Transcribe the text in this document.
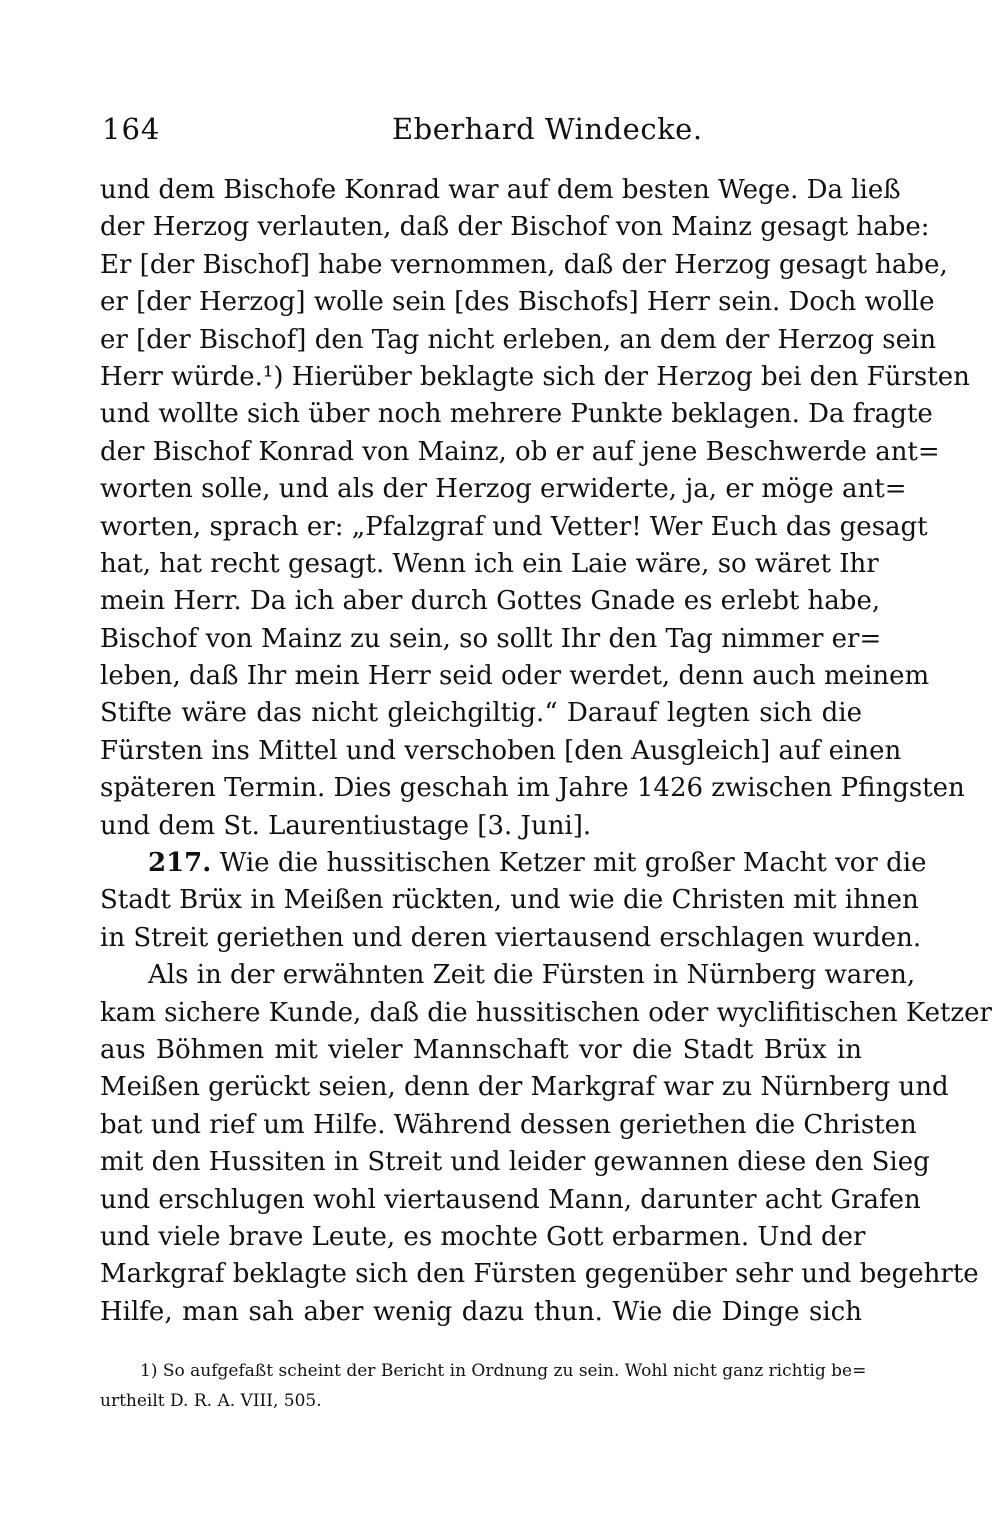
164	Eberhard Windecke.
und dem Bischofe Konrad war auf dem besten Wege. Da ließ
der Herzog verlauten, daß der Bischof von Mainz gesagt habe:
Er [der Bischof] habe vernommen, daß der Herzog gesagt habe,
er [der Herzog] wolle sein [des Bischofs] Herr sein. Doch wolle
er [der Bischof] den Tag nicht erleben, an dem der Herzog sein
Herr würde.¹) Hierüber beklagte sich der Herzog bei den Fürsten
und wollte sich über noch mehrere Punkte beklagen. Da fragte
der Bischof Konrad von Mainz, ob er auf jene Beschwerde ant=
worten solle, und als der Herzog erwiderte, ja, er möge ant=
worten, sprach er: „Pfalzgraf und Vetter! Wer Euch das gesagt
hat, hat recht gesagt. Wenn ich ein Laie wäre, so wäret Ihr
mein Herr. Da ich aber durch Gottes Gnade es erlebt habe,
Bischof von Mainz zu sein, so sollt Ihr den Tag nimmer er=
leben, daß Ihr mein Herr seid oder werdet, denn auch meinem
Stifte wäre das nicht gleichgiltig.“ Darauf legten sich die
Fürsten ins Mittel und verschoben [den Ausgleich] auf einen
späteren Termin. Dies geschah im Jahre 1426 zwischen Pfingsten
und dem St. Laurentiustage [3. Juni].
217. Wie die hussitischen Ketzer mit großer Macht vor die
Stadt Brüx in Meißen rückten, und wie die Christen mit ihnen
in Streit geriethen und deren viertausend erschlagen wurden.
Als in der erwähnten Zeit die Fürsten in Nürnberg waren,
kam sichere Kunde, daß die hussitischen oder wyclifitischen Ketzer
aus Böhmen mit vieler Mannschaft vor die Stadt Brüx in
Meißen gerückt seien, denn der Markgraf war zu Nürnberg und
bat und rief um Hilfe. Während dessen geriethen die Christen
mit den Hussiten in Streit und leider gewannen diese den Sieg
und erschlugen wohl viertausend Mann, darunter acht Grafen
und viele brave Leute, es mochte Gott erbarmen. Und der
Markgraf beklagte sich den Fürsten gegenüber sehr und begehrte
Hilfe, man sah aber wenig dazu thun. Wie die Dinge sich
1) So aufgefaßt scheint der Bericht in Ordnung zu sein. Wohl nicht ganz richtig be=
urtheilt D. R. A. VIII, 505.
